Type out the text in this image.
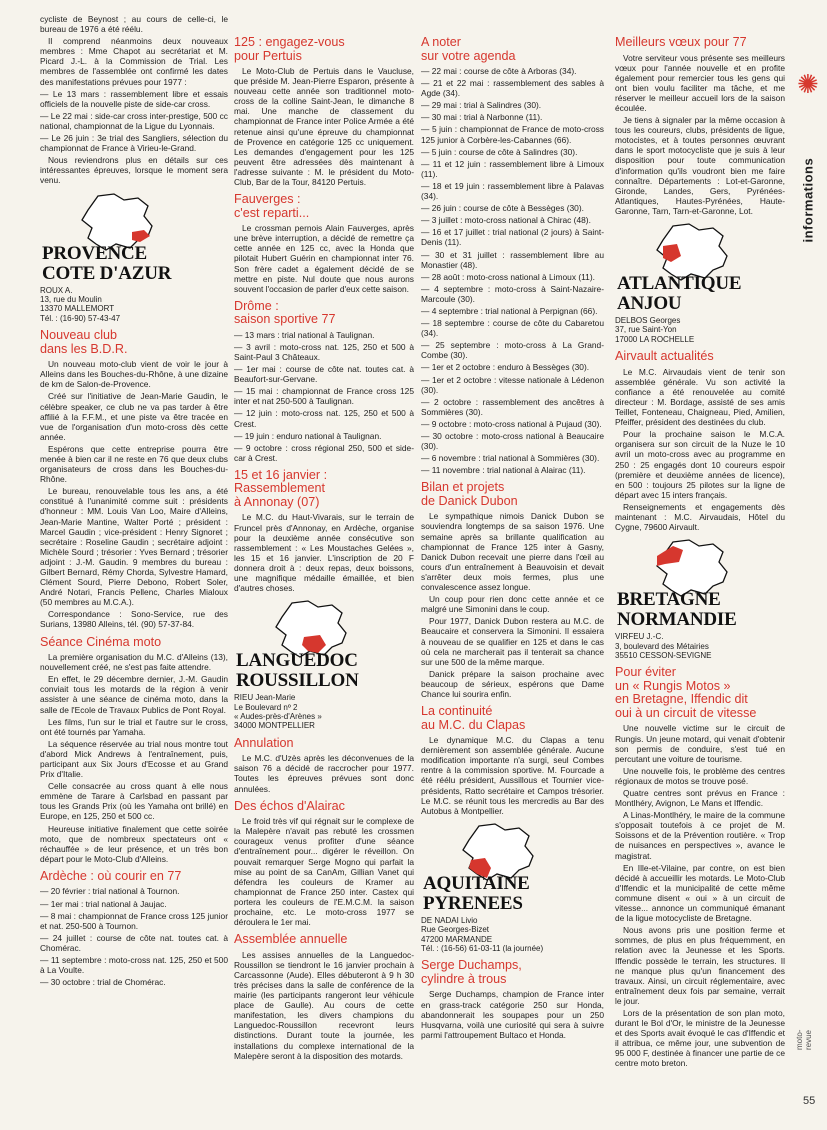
cycliste de Beynost ; au cours de celle-ci, le bureau de 1976 a été réélu.

Il comprend néanmoins deux nouveaux membres : Mme Chapot au secrétariat et M. Picard J.-L. à la Commission de Trial. Les membres de l'assemblée ont confirmé les dates des manifestations prévues pour 1977 :

— Le 13 mars : rassemblement libre et essais officiels de la nouvelle piste de side-car cross.

— Le 22 mai : side-car cross inter-prestige, 500 cc national, championnat de la Ligue du Lyonnais.

— Le 26 juin : 3e trial des Sangliers, sélection du championnat de France à Virieu-le-Grand.

Nous reviendrons plus en détails sur ces intéressantes épreuves, lorsque le moment sera venu.

PROVENCE
COTE D'AZUR
ROUX A.
13, rue du Moulin
13370 MALLEMORT
Tél. : (16-90) 57-43-47
Nouveau club
dans les B.D.R.

Un nouveau moto-club vient de voir le jour à Alleins dans les Bouches-du-Rhône, à une dizaine de km de Salon-de-Provence.

Créé sur l'initiative de Jean-Marie Gaudin, le célèbre speaker, ce club ne va pas tarder à être affilié à la F.F.M., et une piste va être tracée en vue de l'organisation d'un moto-cross dès cette année.

Espérons que cette entreprise pourra être menée à bien car il ne reste en 76 que deux clubs organisateurs de cross dans les Bouches-du-Rhône.

Le bureau, renouvelable tous les ans, a été constitué à l'unanimité comme suit : présidents d'honneur : MM. Louis Van Loo, Maire d'Alleins, Jean-Marie Mantine, Walter Porté ; président : Marcel Gaudin ; vice-président : Henry Signoret ; secrétaire : Roseline Gaudin ; secrétaire adjoint : Michèle Sourd ; trésorier : Yves Bernard ; trésorier adjoint : J.-M. Gaudin. 9 membres du bureau : Gilbert Bernard, Rémy Chorda, Sylvestre Hamard, Clément Sourd, Pierre Debono, Robert Soler, André Notari, Francis Pellenc, Charles Mialoux (50 membres au M.C.A.).

Correspondance : Sono-Service, rue des Surians, 13980 Alleins, tél. (90) 57-37-84.

Séance Cinéma moto

La première organisation du M.C. d'Alleins (13), nouvellement créé, ne s'est pas faite attendre.

En effet, le 29 décembre dernier, J.-M. Gaudin conviait tous les motards de la région à venir assister à une séance de cinéma moto, dans la salle de l'Ecole de Travaux Publics de Pont Royal.

Les films, l'un sur le trial et l'autre sur le cross, ont été tournés par Yamaha.

La séquence réservée au trial nous montre tout d'abord Mick Andrews à l'entraînement, puis, participant aux Six Jours d'Ecosse et au Grand Prix d'Italie.

Celle consacrée au cross quant à elle nous emmène de Tarare à Carlsbad en passant par tous les Grands Prix (où les Yamaha ont brillé) en Europe, en 125, 250 et 500 cc.

Heureuse initiative finalement que cette soirée moto, que de nombreux spectateurs ont « réchauffée » de leur présence, et un très bon départ pour le Moto-Club d'Alleins.

Ardèche : où courir en 77

— 20 février : trial national à Tournon.

— 1er mai : trial national à Jaujac.

— 8 mai : championnat de France cross 125 junior et nat. 250-500 à Tournon.

— 24 juillet : course de côte nat. toutes cat. à Chomérac.

— 11 septembre : moto-cross nat. 125, 250 et 500 à La Voulte.

— 30 octobre : trial de Chomérac.

125 : engagez-vous
pour Pertuis

Le Moto-Club de Pertuis dans le Vaucluse, que préside M. Jean-Pierre Esparon, présente à nouveau cette année son traditionnel moto-cross de la colline Saint-Jean, le dimanche 8 mai. Une manche de classement du championnat de France inter Police Armée a été retenue ainsi qu'une épreuve du championnat de Provence en catégorie 125 cc uniquement. Les demandes d'engagement pour les 125 peuvent être adressées dès maintenant à l'adresse suivante : M. le président du Moto-Club, Bar de la Tour, 84120 Pertuis.

Fauverges :
c'est reparti...

Le crossman pernois Alain Fauverges, après une brève interruption, a décidé de remettre ça cette année en 125 cc, avec la Honda que pilotait Hubert Guérin en championnat inter 76. Son frère cadet a également décidé de se mettre en piste. Nul doute que nous aurons souvent l'occasion de parler d'eux cette saison.

Drôme :
saison sportive 77

— 13 mars : trial national à Taulignan.

— 3 avril : moto-cross nat. 125, 250 et 500 à Saint-Paul 3 Châteaux.

— 1er mai : course de côte nat. toutes cat. à Beaufort-sur-Gervane.

— 15 mai : championnat de France cross 125 inter et nat 250-500 à Taulignan.

— 12 juin : moto-cross nat. 125, 250 et 500 à Crest.

— 19 juin : enduro national à Taulignan.

— 9 octobre : cross régional 250, 500 et side-car à Crest.

15 et 16 janvier :
Rassemblement
à Annonay (07)

Le M.C. du Haut-Vivarais, sur le terrain de Fruncel près d'Annonay, en Ardèche, organise pour la deuxième année consécutive son rassemblement : « Les Moustaches Gelées », les 15 et 16 janvier. L'inscription de 20 F donnera droit à : deux repas, deux boissons, une magnifique médaille émaillée, et bien d'autres choses.

LANGUEDOC
ROUSSILLON
RIEU Jean-Marie
Le Boulevard nº 2
« Audes-près-d'Arènes »
34000 MONTPELLIER
Annulation

Le M.C. d'Uzès après les déconvenues de la saison 76 a décidé de raccrocher pour 1977. Toutes les épreuves prévues sont donc annulées.

Des échos d'Alairac

Le froid très vif qui régnait sur le complexe de la Malepère n'avait pas rebuté les crossmen courageux venus profiter d'une séance d'entraînement pour... digérer le réveillon. On pouvait remarquer Serge Mogno qui parfait la mise au point de sa CanAm, Gillian Vanet qui défendra les couleurs de Kramer au championnat de France 250 inter. Castex qui portera les couleurs de l'E.M.C.M. la saison prochaine, etc. Le moto-cross 1977 se déroulera le 1er mai.

Assemblée annuelle

Les assises annuelles de la Languedoc-Roussillon se tiendront le 16 janvier prochain à Carcassonne (Aude). Elles débuteront à 9 h 30 très précises dans la salle de conférence de la mairie (les participants rangeront leur véhicule place de Gaulle). Au cours de cette manifestation, les divers champions du Languedoc-Roussillon recevront leurs distinctions. Durant toute la journée, les installations du complexe international de la Malepère seront à la disposition des motards.

A noter
sur votre agenda

— 22 mai : course de côte à Arboras (34).

— 21 et 22 mai : rassemblement des sables à Agde (34).

— 29 mai : trial à Salindres (30).

— 30 mai : trial à Narbonne (11).

— 5 juin : championnat de France de moto-cross 125 junior à Corbère-les-Cabannes (66).

— 5 juin : course de côte à Salindres (30).

— 11 et 12 juin : rassemblement libre à Limoux (11).

— 18 et 19 juin : rassemblement libre à Palavas (34).

— 26 juin : course de côte à Bessèges (30).

— 3 juillet : moto-cross national à Chirac (48).

— 16 et 17 juillet : trial national (2 jours) à Saint-Denis (11).

— 30 et 31 juillet : rassemblement libre au Monastier (48).

— 28 août : moto-cross national à Limoux (11).

— 4 septembre : moto-cross à Saint-Nazaire-Marcoule (30).

— 4 septembre : trial national à Perpignan (66).

— 18 septembre : course de côte du Cabaretou (34).

— 25 septembre : moto-cross à La Grand-Combe (30).

— 1er et 2 octobre : enduro à Bessèges (30).

— 1er et 2 octobre : vitesse nationale à Lédenon (30).

— 2 octobre : rassemblement des ancêtres à Sommières (30).

— 9 octobre : moto-cross national à Pujaud (30).

— 30 octobre : moto-cross national à Beaucaire (30).

— 6 novembre : trial national à Sommières (30).

— 11 novembre : trial national à Alairac (11).

Bilan et projets
de Danick Dubon

Le sympathique nimois Danick Dubon se souviendra longtemps de sa saison 1976. Une semaine après sa brillante qualification au championnat de France 125 inter à Gasny, Danick Dubon recevait une pierre dans l'œil au cours d'un entraînement à Beauvoisin et devait s'arrêter deux mois fermes, plus une convalescence assez longue.

Un coup pour rien donc cette année et ce malgré une Simonini dans le coup.

Pour 1977, Danick Dubon restera au M.C. de Beaucaire et conservera la Simonini. Il essaiera à nouveau de se qualifier en 125 et dans le cas où cela ne marcherait pas il tenterait sa chance sur une 500 de la même marque.

Danick prépare la saison prochaine avec beaucoup de sérieux, espérons que Dame Chance lui sourira enfin.

La continuité
au M.C. du Clapas

Le dynamique M.C. du Clapas a tenu dernièrement son assemblée générale. Aucune modification importante n'a surgi, seul Combes rentre à la commission sportive. M. Fourcade a été réélu président, Aussillous et Tournier vice-présidents, Ratto secrétaire et Campos trésorier. Le M.C. se réunit tous les mercredis au Bar des Autobus à Montpellier.

AQUITAINE
PYRENEES
DE NADAI Livio
Rue Georges-Bizet
47200 MARMANDE
Tél. : (16-56) 61-03-11 (la journée)
Serge Duchamps,
cylindre à trous

Serge Duchamps, champion de France inter en grass-track catégorie 250 sur Honda, abandonnerait les soupapes pour un 250 Husqvarna, voilà une curiosité qui sera à suivre parmi l'attroupement Bultaco et Honda.

Meilleurs vœux pour 77

Votre serviteur vous présente ses meilleurs vœux pour l'année nouvelle et en profite également pour remercier tous les gens qui ont bien voulu faciliter ma tâche, et me réserver le meilleur accueil lors de la saison écoulée.

Je tiens à signaler par la même occasion à tous les coureurs, clubs, présidents de ligue, motocistes, et à toutes personnes œuvrant dans le sport motocycliste que je suis à leur disposition pour toute communication d'information qu'ils voudront bien me faire connaître. Départements : Lot-et-Garonne, Gironde, Landes, Gers, Pyrénées-Atlantiques, Hautes-Pyrénées, Haute-Garonne, Tarn, Tarn-et-Garonne, Lot.

ATLANTIQUE
ANJOU
DELBOS Georges
37, rue Saint-Yon
17000 LA ROCHELLE
Airvault actualités

Le M.C. Airvaudais vient de tenir son assemblée générale. Vu son activité la confiance a été renouvelée au comité directeur : M. Bordage, assisté de ses amis Teillet, Fonteneau, Chaigneau, Pied, Amilien, Pfeiffer, président des destinées du club.

Pour la prochaine saison le M.C.A. organisera sur son circuit de la Nuze le 10 avril un moto-cross avec au programme en 250 : 25 engagés dont 10 coureurs espoir (première et deuxième années de licence), en 500 : toujours 25 pilotes sur la ligne de départ avec 15 inters français.

Renseignements et engagements dès maintenant : M.C. Airvaudais, Hôtel du Cygne, 79600 Airvault.

BRETAGNE
NORMANDIE
VIRFEU J.-C.
3, boulevard des Métairies
35510 CESSON-SEVIGNE
Pour éviter
un « Rungis Motos »
en Bretagne, Iffendic dit
oui à un circuit de vitesse

Une nouvelle victime sur le circuit de Rungis. Un jeune motard, qui venait d'obtenir son permis de conduire, s'est tué en percutant une voiture de tourisme.

Une nouvelle fois, le problème des centres régionaux de motos se trouve posé.

Quatre centres sont prévus en France : Montlhéry, Avignon, Le Mans et Iffendic.

A Linas-Montlhéry, le maire de la commune s'opposait toutefois à ce projet de M. Soissons et de la Prévention routière. « Trop de nuisances en perspectives », avance le magistrat.

En Ille-et-Vilaine, par contre, on est bien décidé à accueillir les motards. Le Moto-Club d'Iffendic et la municipalité de cette même commune disent « oui » à un circuit de vitesse... annonce un communiqué émanant de la ligue motocycliste de Bretagne.

Nous avons pris une position ferme et sommes, de plus en plus fréquemment, en relation avec la Jeunesse et les Sports. Iffendic possède le terrain, les structures. Il ne manque plus qu'un financement des travaux. Ainsi, un circuit réglementaire, avec entraînement deux fois par semaine, verrait le jour.

Lors de la présentation de son plan moto, durant le Bol d'Or, le ministre de la Jeunesse et des Sports avait évoqué le cas d'Iffendic et il attribua, ce même jour, une subvention de 95 000 F, destinée à financer une partie de ce centre moto breton.

✺
informations
moto-revue
55
